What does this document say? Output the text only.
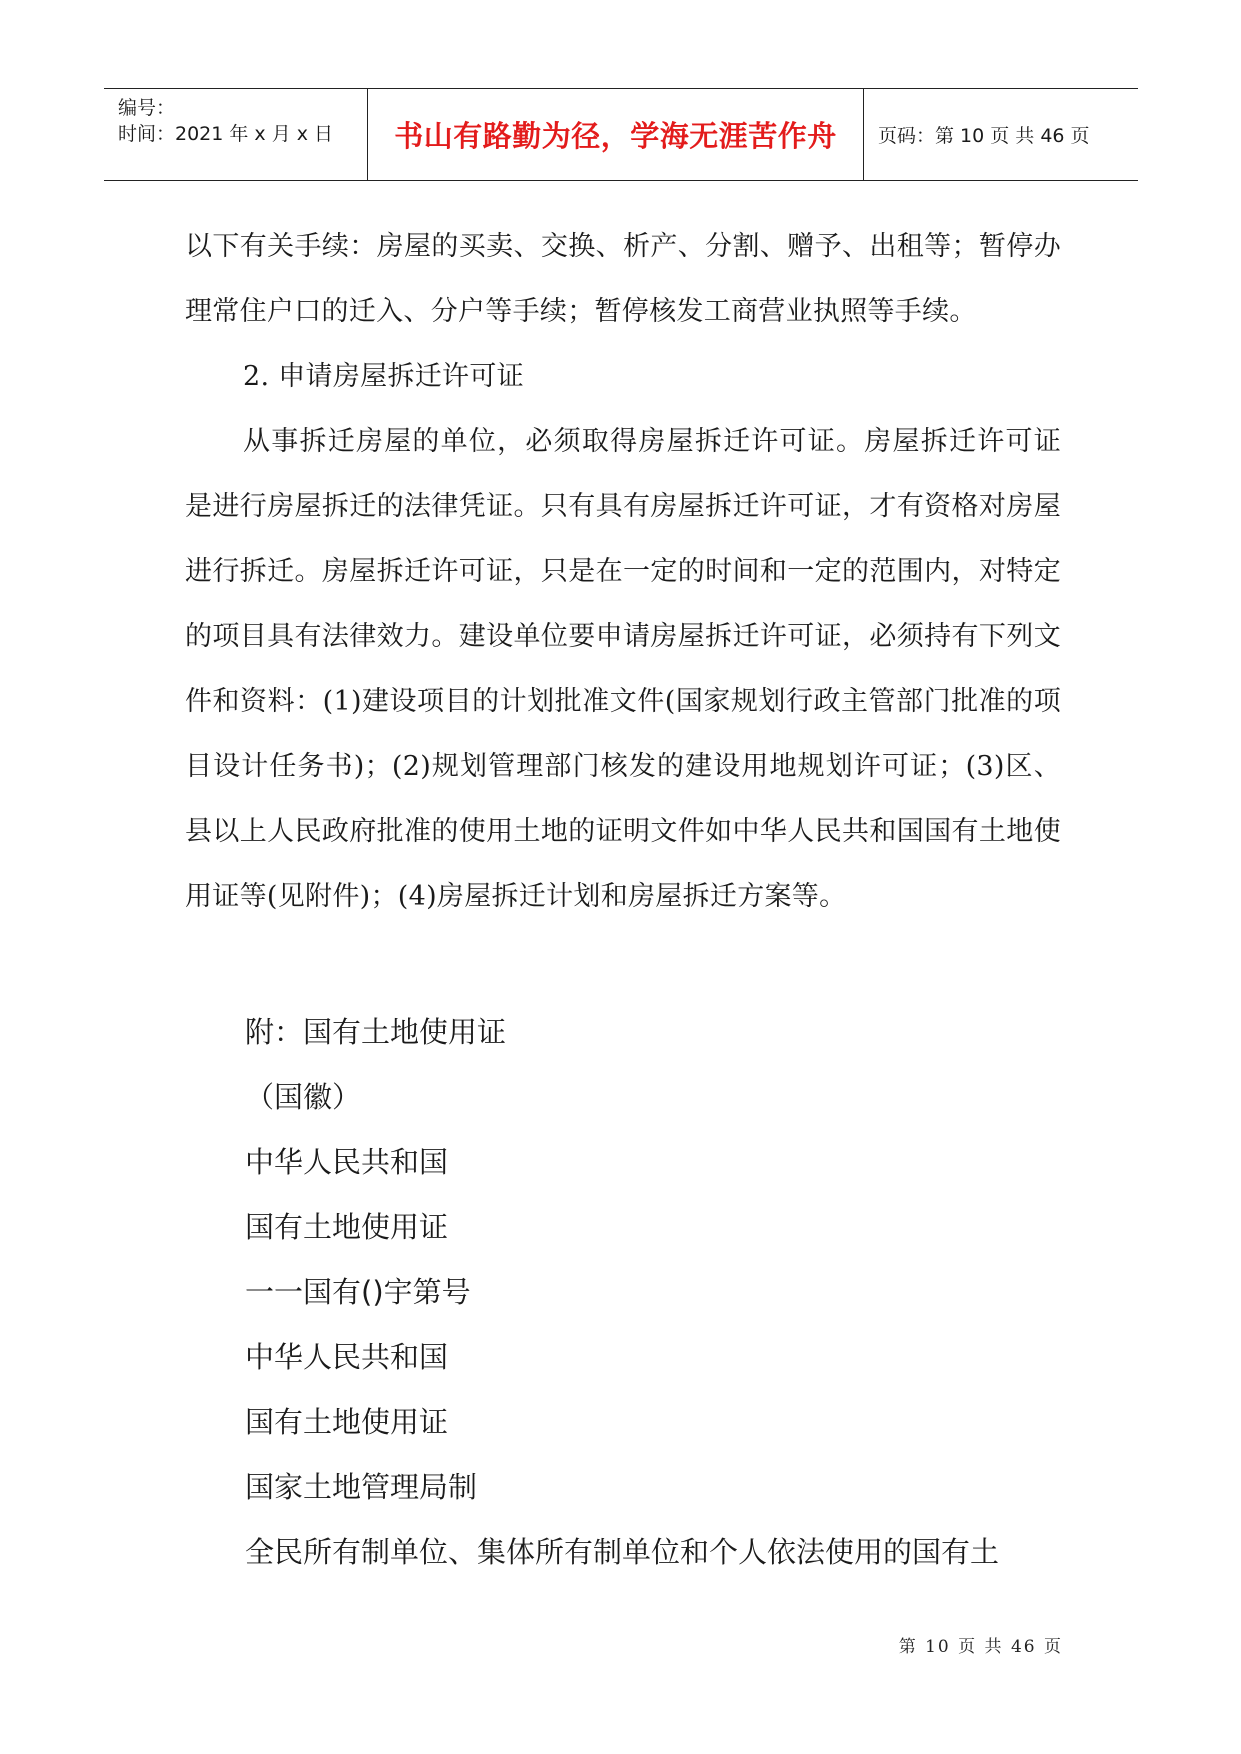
编号：
时间：2021 年 x 月 x 日	书山有路勤为径，学海无涯苦作舟 页码：第 10 页 共 46 页

以下有关手续：房屋的买卖、交换、析产、分割、赠予、出租等；暂停办理常住户口的迁入、分户等手续；暂停核发工商营业执照等手续。

2. 申请房屋拆迁许可证

从事拆迁房屋的单位，必须取得房屋拆迁许可证。房屋拆迁许可证是进行房屋拆迁的法律凭证。只有具有房屋拆迁许可证，才有资格对房屋进行拆迁。房屋拆迁许可证，只是在一定的时间和一定的范围内，对特定的项目具有法律效力。建设单位要申请房屋拆迁许可证，必须持有下列文件和资料：(1)建设项目的计划批准文件(国家规划行政主管部门批准的项目设计任务书)；(2)规划管理部门核发的建设用地规划许可证；(3)区、县以上人民政府批准的使用土地的证明文件如中华人民共和国国有土地使用证等(见附件)；(4)房屋拆迁计划和房屋拆迁方案等。

附：国有土地使用证
（国徽）
中华人民共和国
国有土地使用证
一一国有()宇第号
中华人民共和国
国有土地使用证
国家土地管理局制
全民所有制单位、集体所有制单位和个人依法使用的国有土
第 10 页 共 46 页
